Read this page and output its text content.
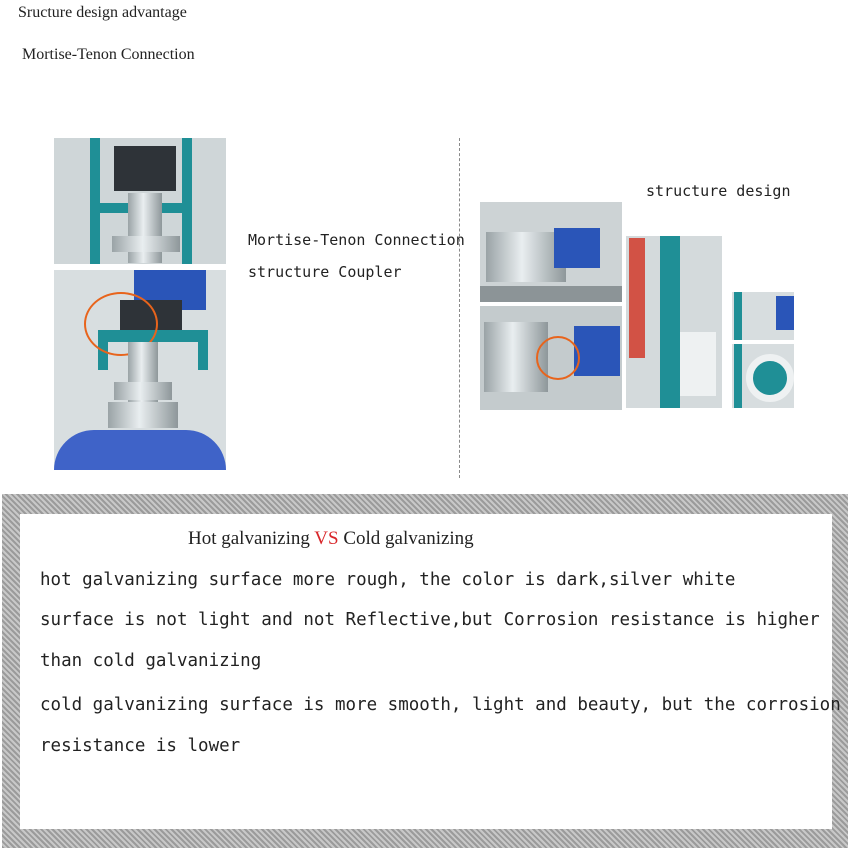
Sructure design advantage
Mortise-Tenon Connection
Mortise-Tenon Connection
structure Coupler
structure design
Hot galvanizing VS Cold galvanizing
hot galvanizing surface more rough, the color is dark,silver white
surface is not light and not Reflective,but Corrosion resistance is higher
than cold galvanizing
cold galvanizing surface is more smooth, light and beauty, but the corrosion
resistance is lower
